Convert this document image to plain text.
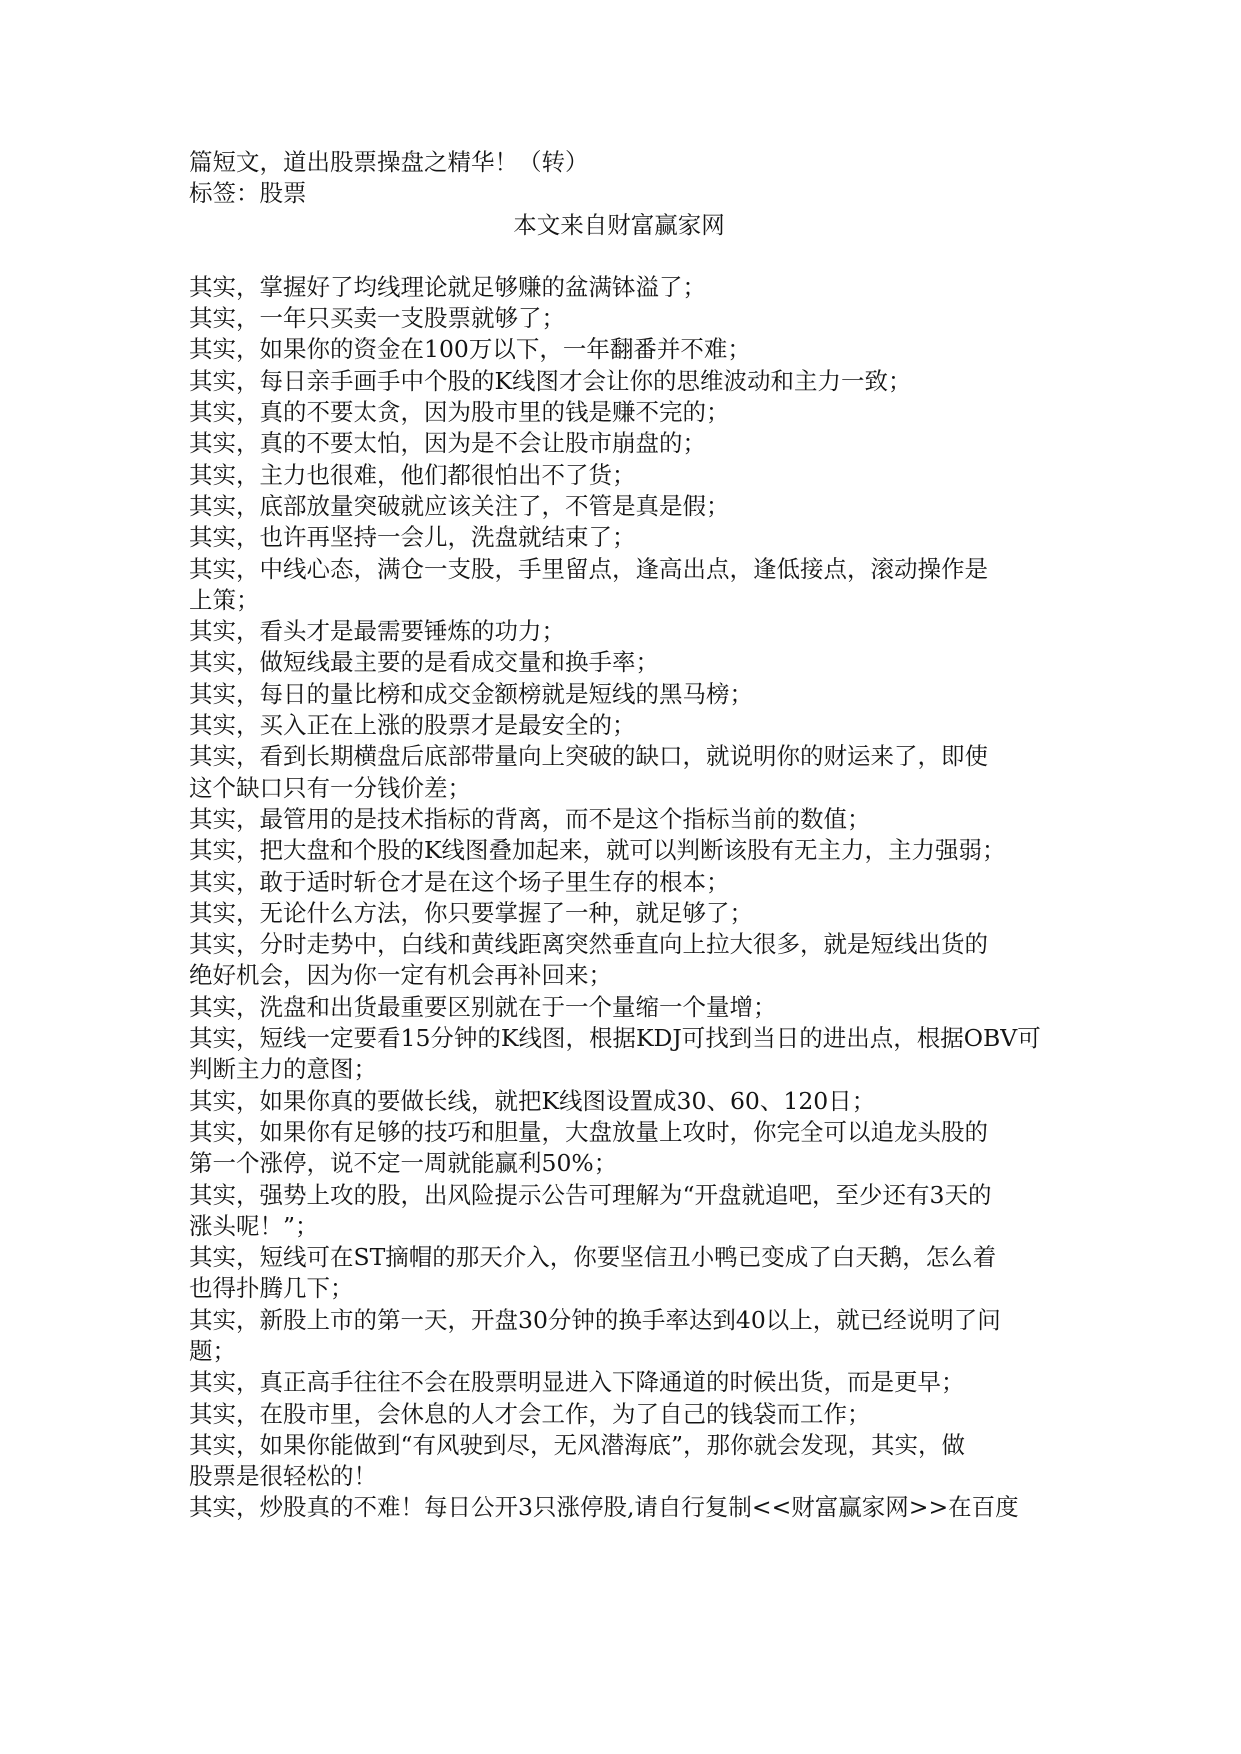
篇短文，道出股票操盘之精华！（转）
标签：股票
本文来自财富赢家网
其实，掌握好了均线理论就足够赚的盆满钵溢了；
其实，一年只买卖一支股票就够了；
其实，如果你的资金在100万以下，一年翻番并不难；
其实，每日亲手画手中个股的K线图才会让你的思维波动和主力一致；
其实，真的不要太贪，因为股市里的钱是赚不完的；
其实，真的不要太怕，因为是不会让股市崩盘的；
其实，主力也很难，他们都很怕出不了货；
其实，底部放量突破就应该关注了，不管是真是假；
其实，也许再坚持一会儿，洗盘就结束了；
其实，中线心态，满仓一支股，手里留点，逢高出点，逢低接点，滚动操作是
上策；
其实，看头才是最需要锤炼的功力；
其实，做短线最主要的是看成交量和换手率；
其实，每日的量比榜和成交金额榜就是短线的黑马榜；
其实，买入正在上涨的股票才是最安全的；
其实，看到长期横盘后底部带量向上突破的缺口，就说明你的财运来了，即使
这个缺口只有一分钱价差；
其实，最管用的是技术指标的背离，而不是这个指标当前的数值；
其实，把大盘和个股的K线图叠加起来，就可以判断该股有无主力，主力强弱；
其实，敢于适时斩仓才是在这个场子里生存的根本；
其实，无论什么方法，你只要掌握了一种，就足够了；
其实，分时走势中，白线和黄线距离突然垂直向上拉大很多，就是短线出货的
绝好机会，因为你一定有机会再补回来；
其实，洗盘和出货最重要区别就在于一个量缩一个量增；
其实，短线一定要看15分钟的K线图，根据KDJ可找到当日的进出点，根据OBV可
判断主力的意图；
其实，如果你真的要做长线，就把K线图设置成30、60、120日；
其实，如果你有足够的技巧和胆量，大盘放量上攻时，你完全可以追龙头股的
第一个涨停，说不定一周就能赢利50%；
其实，强势上攻的股，出风险提示公告可理解为“开盘就追吧，至少还有3天的
涨头呢！”；
其实，短线可在ST摘帽的那天介入，你要坚信丑小鸭已变成了白天鹅，怎么着
也得扑腾几下；
其实，新股上市的第一天，开盘30分钟的换手率达到40以上，就已经说明了问
题；
其实，真正高手往往不会在股票明显进入下降通道的时候出货，而是更早；
其实，在股市里，会休息的人才会工作，为了自己的钱袋而工作；
其实，如果你能做到“有风驶到尽，无风潜海底”，那你就会发现，其实，做
股票是很轻松的！
其实，炒股真的不难！每日公开3只涨停股,请自行复制<<财富赢家网>>在百度
